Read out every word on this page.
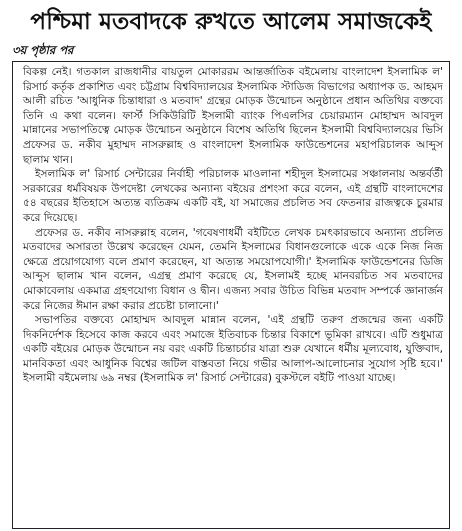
পশ্চিমা মতবাদকে রুখতে আলেম সমাজকেই
৩য় পৃষ্ঠার পর

বিকল্প নেই। গতকাল রাজধানীর বায়তুল মোকাররম আন্তর্জাতিক বইমেলায় বাংলাদেশ ইসলামিক ল' রিসার্চ কর্তৃক প্রকাশিত এবং চট্টগ্রাম বিশ্ববিদ্যালয়ের ইসলামিক স্টাডিজ বিভাগের অধ্যাপক ড. আহমদ আলী রচিত 'আধুনিক চিন্তাধারা ও মতবাদ' গ্রন্থের মোড়ক উন্মোচন অনুষ্ঠানে প্রধান অতিথির বক্তব্যে তিনি এ কথা বলেন। ফার্স্ট সিকিউরিটি ইসলামী ব্যাংক পিএলসির চেয়ারম্যান মোহাম্মদ আবদুল মান্নানের সভাপতিত্বে মোড়ক উন্মোচন অনুষ্ঠানে বিশেষ অতিথি ছিলেন ইসলামী বিশ্ববিদ্যালয়ের ভিসি প্রফেসর ড. নকীব মুহাম্মদ নাসরুল্লাহ ও বাংলাদেশ ইসলামিক ফাউন্ডেশনের মহাপরিচালক আব্দুস ছালাম খান।

ইসলামিক ল' রিসার্চ সেন্টারের নির্বাহী পরিচালক মাওলানা শহীদুল ইসলামের সঞ্চালনায় অন্তর্বর্তী সরকারের ধর্মবিষয়ক উপদেষ্টা লেখকের অন্যান্য বইয়ের প্রশংসা করে বলেন, এই গ্রন্থটি বাংলাদেশের ৫৪ বছরের ইতিহাসে অত্যন্ত ব্যতিক্রম একটি বই, যা সমাজের প্রচলিত সব ফেতনার রাজত্বকে চুরমার করে দিয়েছে।

প্রফেসর ড. নকীব নাসরুল্লাহ বলেন, 'গবেষণাধর্মী বইটিতে লেখক চমৎকারভাবে অন্যান্য প্রচলিত মতবাদের অসারতা উল্লেখ করেছেন যেমন, তেমনি ইসলামের বিধানগুলোকে একে একে নিজ নিজ ক্ষেত্রে প্রয়োগযোগ্য বলে প্রমাণ করেছেন, যা অত্যন্ত সময়োপযোগী।' ইসলামিক ফাউন্ডেশনের ডিজি আব্দুস ছালাম খান বলেন, এগ্রন্থ প্রমাণ করেছে যে, ইসলামই হচ্ছে মানবরচিত সব মতবাদের মোকাবেলায় একমাত্র গ্রহণযোগ্য বিধান ও দ্বীন। এজন্য সবার উচিত বিভিন্ন মতবাদ সম্পর্কে জ্ঞানার্জন করে নিজের ঈমান রক্ষা করার প্রচেষ্টা চালানো।'

সভাপতির বক্তব্যে মোহাম্মদ আবদুল মান্নান বলেন, 'এই গ্রন্থটি তরুণ প্রজন্মের জন্য একটি দিকনির্দেশক হিসেবে কাজ করবে এবং সমাজে ইতিবাচক চিন্তার বিকাশে ভূমিকা রাখবে। এটি শুধুমাত্র একটি বইয়ের মোড়ক উন্মোচন নয় বরং একটি চিন্তাচর্চার যাত্রা শুরু যেখানে ধর্মীয় মূল্যবোধ, যুক্তিবাদ, মানবিকতা এবং আধুনিক বিশ্বের জটিল বাস্তবতা নিয়ে গভীর আলাপ-আলোচনার সুযোগ সৃষ্টি হবে।' ইসলামী বইমেলায় ৬৯ নম্বর (ইসলামিক ল' রিসার্চ সেন্টারের) বুকস্টলে বইটি পাওয়া যাচ্ছে।
